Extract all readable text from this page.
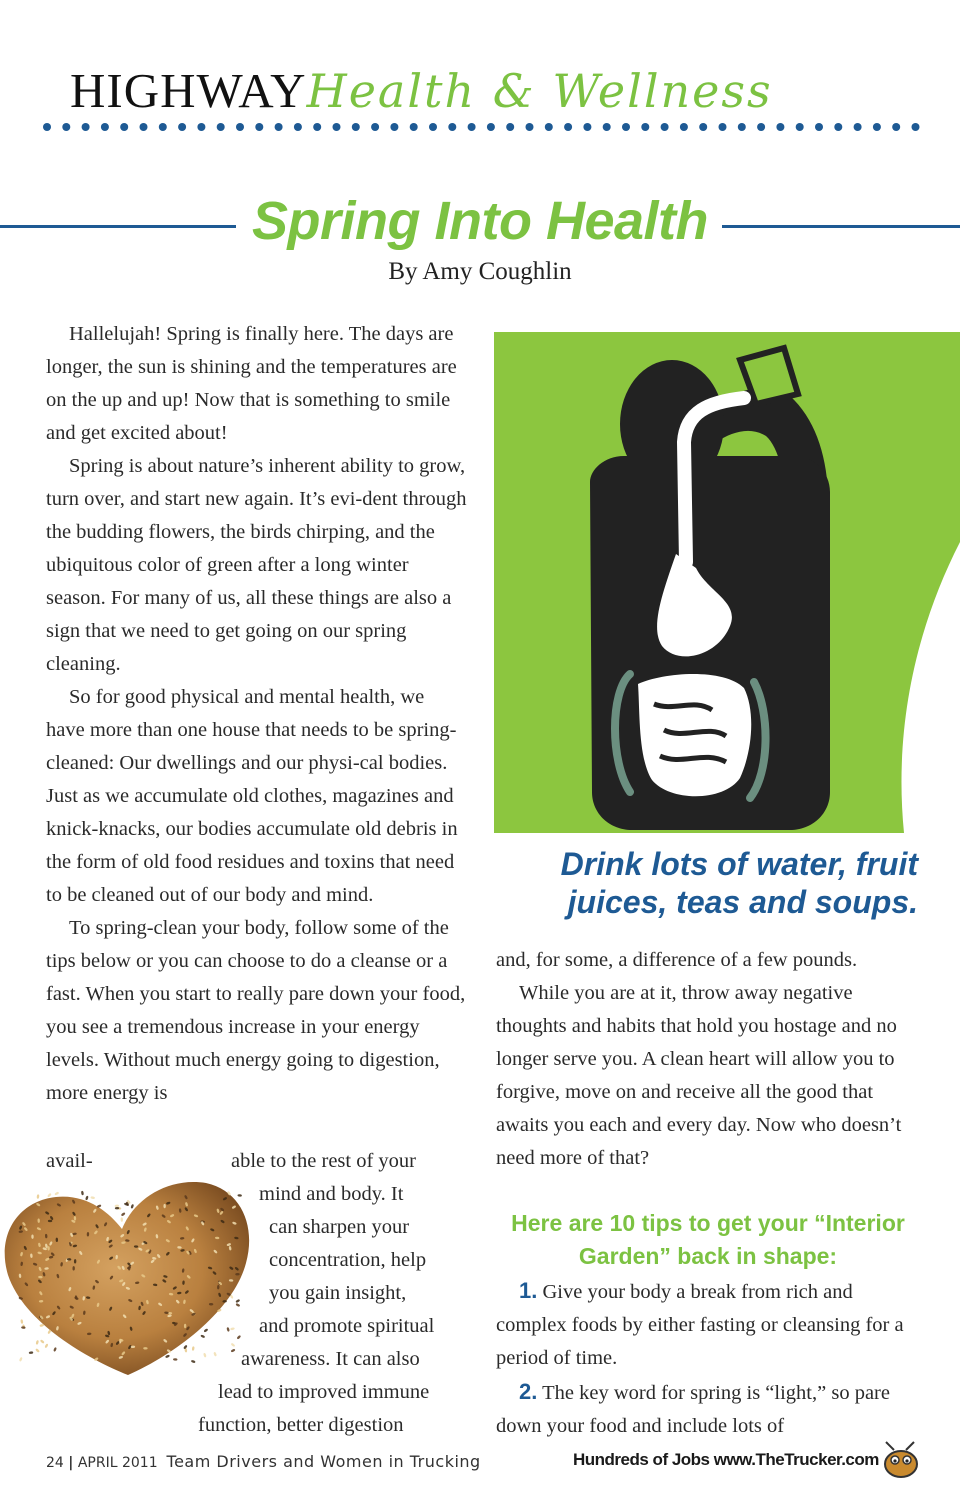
HIGHWAYHealth & Wellness
Spring Into Health
By Amy Coughlin

Hallelujah! Spring is finally here. The days are longer, the sun is shining and the temperatures are on the up and up! Now that is something to smile and get excited about!

Spring is about nature’s inherent ability to grow, turn over, and start new again. It’s evi-dent through the budding flowers, the birds chirping, and the ubiquitous color of green after a long winter season. For many of us, all these things are also a sign that we need to get going on our spring cleaning.

So for good physical and mental health, we have more than one house that needs to be spring-cleaned: Our dwellings and our physi-cal bodies. Just as we accumulate old clothes, magazines and knick-knacks, our bodies accumulate old debris in the form of old food residues and toxins that need to be cleaned out of our body and mind.

To spring-clean your body, follow some of the tips below or you can choose to do a cleanse or a fast. When you start to really pare down your food, you see a tremendous increase in your energy levels. Without much energy going to digestion, more energy is

avail-	able to the rest of your
mind and body. It
can sharpen your
concentration, help
you gain insight,
and promote spiritual
awareness. It can also
lead to improved immune
function, better digestion
Drink lots of water, fruit juices, teas and soups.

and, for some, a difference of a few pounds.

While you are at it, throw away negative thoughts and habits that hold you hostage and no longer serve you. A clean heart will allow you to forgive, move on and receive all the good that awaits you each and every day. Now who doesn’t need more of that?

Here are 10 tips to get your “Interior Garden” back in shape:

1. Give your body a break from rich and complex foods by either fasting or cleansing for a period of time.

2. The key word for spring is “light,” so pare down your food and include lots of

24 | APRIL 2011 Team Drivers and Women in Trucking	Hundreds of Jobs www.TheTrucker.com
